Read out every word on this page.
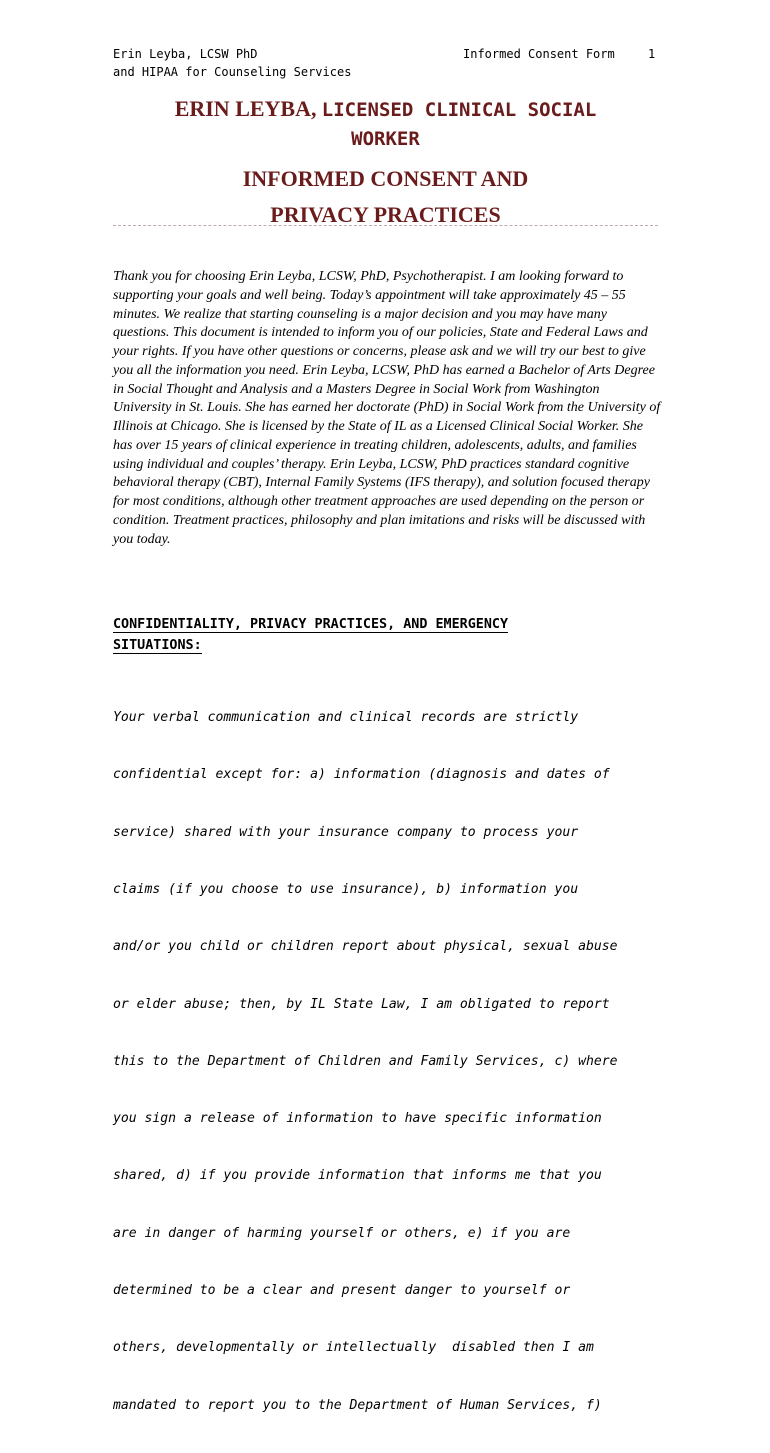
Erin Leyba, LCSW PhD
and HIPAA for Counseling Services
Informed Consent Form	1
ERIN LEYBA, LICENSED CLINICAL SOCIAL
WORKER
INFORMED CONSENT AND
PRIVACY PRACTICES

Thank you for choosing Erin Leyba, LCSW, PhD, Psychotherapist. I am looking forward to supporting your goals and well being. Today’s appointment will take approximately 45 – 55 minutes. We realize that starting counseling is a major decision and you may have many questions. This document is intended to inform you of our policies, State and Federal Laws and your rights. If you have other questions or concerns, please ask and we will try our best to give you all the information you need. Erin Leyba, LCSW, PhD has earned a Bachelor of Arts Degree in Social Thought and Analysis and a Masters Degree in Social Work from Washington University in St. Louis. She has earned her doctorate (PhD) in Social Work from the University of Illinois at Chicago. She is licensed by the State of IL as a Licensed Clinical Social Worker. She has over 15 years of clinical experience in treating children, adolescents, adults, and families using individual and couples’ therapy. Erin Leyba, LCSW, PhD practices standard cognitive behavioral therapy (CBT), Internal Family Systems (IFS therapy), and solution focused therapy for most conditions, although other treatment approaches are used depending on the person or condition. Treatment practices, philosophy and plan imitations and risks will be discussed with you today.

CONFIDENTIALITY, PRIVACY PRACTICES, AND EMERGENCY
SITUATIONS:

Your verbal communication and clinical records are strictly

confidential except for: a) information (diagnosis and dates of

service) shared with your insurance company to process your

claims (if you choose to use insurance), b) information you

and/or you child or children report about physical, sexual abuse

or elder abuse; then, by IL State Law, I am obligated to report

this to the Department of Children and Family Services, c) where

you sign a release of information to have specific information

shared, d) if you provide information that informs me that you

are in danger of harming yourself or others, e) if you are

determined to be a clear and present danger to yourself or

others, developmentally or intellectually  disabled then I am

mandated to report you to the Department of Human Services, f)
